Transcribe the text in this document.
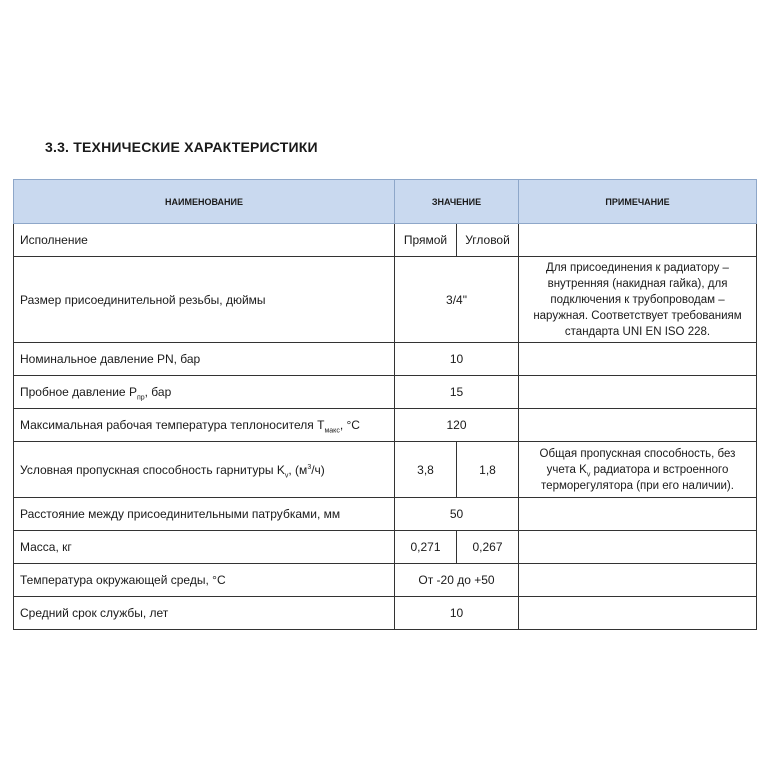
3.3. ТЕХНИЧЕСКИЕ ХАРАКТЕРИСТИКИ
НАИМЕНОВАНИЕ	ЗНАЧЕНИЕ		ПРИМЕЧАНИЕ
Исполнение	Прямой	Угловой	
Размер присоединительной резьбы, дюймы	3/4"		Для присоединения к радиатору – внутренняя (накидная гайка), для подключения к трубопроводам – наружная. Соответствует требованиям стандарта UNI EN ISO 228.
Номинальное давление PN, бар	10		
Пробное давление $P_{пр}$, бар	15		
Максимальная рабочая температура теплоносителя $T_{макс}$, °C	120		
Условная пропускная способность гарнитуры $K_v$, $(м^3/ч)$	3,8	1,8	Общая пропускная способность, без учета $K_v$ радиатора и встроенного терморегулятора (при его наличии).
Расстояние между присоединительными патрубками, мм	50		
Масса, кг	0,271	0,267	
Температура окружающей среды, °C	От -20 до +50		
Средний срок службы, лет	10		
